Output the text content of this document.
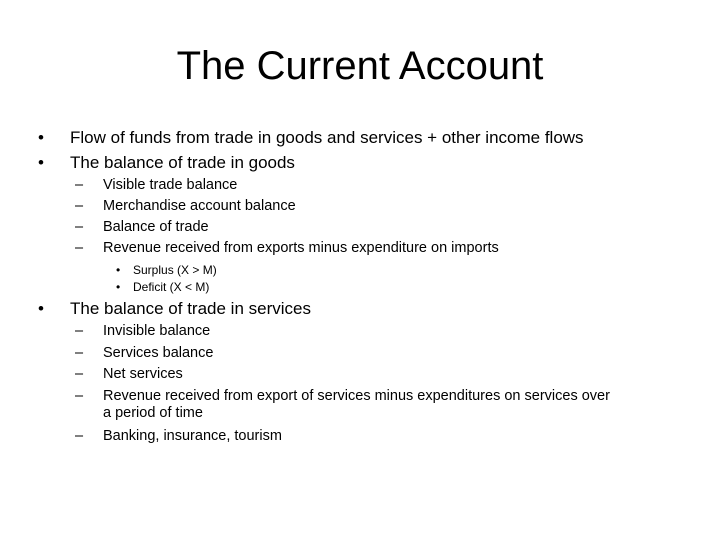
The Current Account
• Flow of funds from trade in goods and services + other income flows
• The balance of trade in goods
– Visible trade balance
– Merchandise account balance
– Balance of trade
– Revenue received from exports minus expenditure on imports
• Surplus (X > M)
• Deficit (X < M)
• The balance of trade in services
– Invisible balance
– Services balance
– Net services
– Revenue received from export of services minus expenditures on services over
a period of time
– Banking, insurance, tourism
